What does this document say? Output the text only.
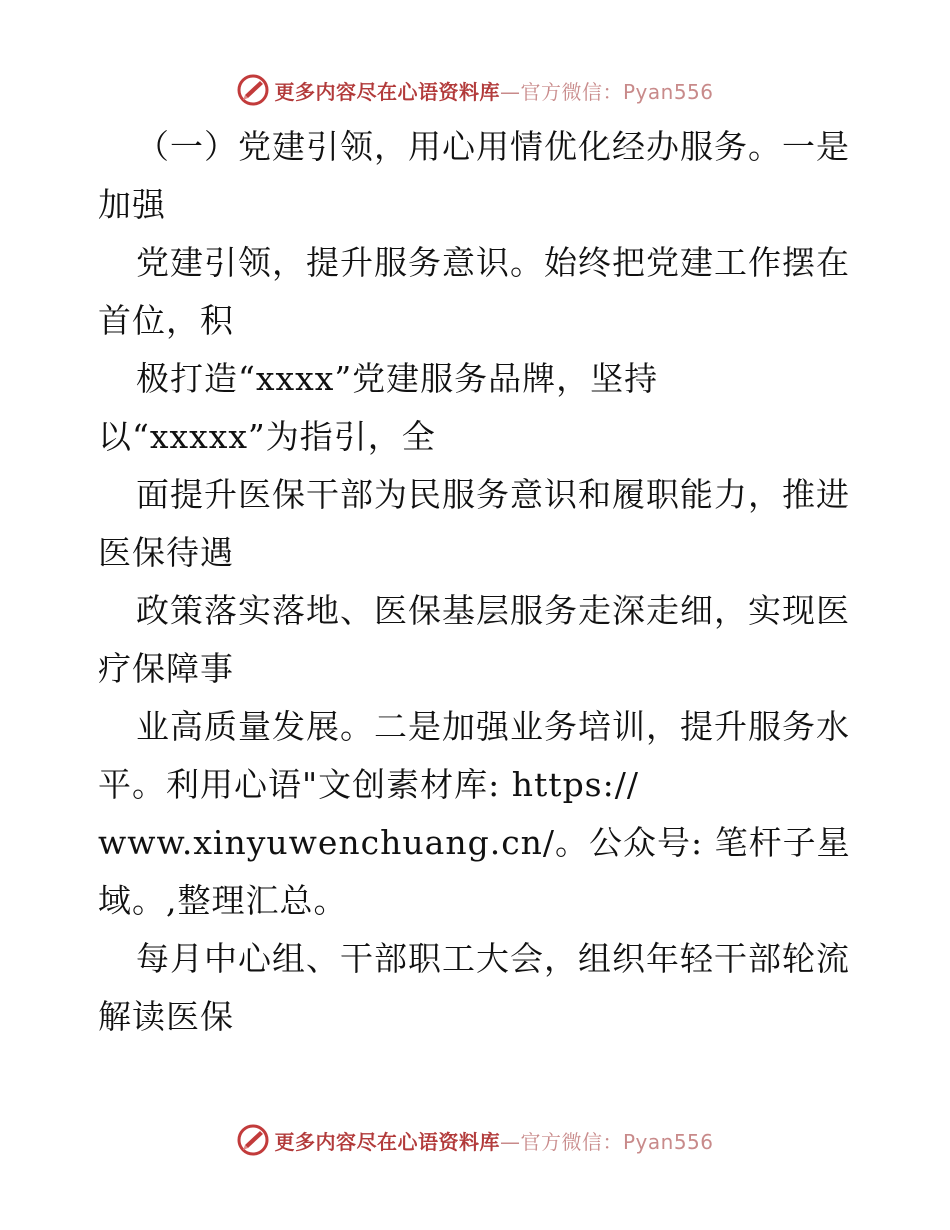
更多内容尽在心语资料库—官方微信：Pyan556
（一）党建引领，用心用情优化经办服务。一是
加强
党建引领，提升服务意识。始终把党建工作摆在
首位，积
极打造“xxxx”党建服务品牌，坚持
以“xxxxx”为指引，全
面提升医保干部为民服务意识和履职能力，推进
医保待遇
政策落实落地、医保基层服务走深走细，实现医
疗保障事
业高质量发展。二是加强业务培训，提升服务水
平。利用心语"文创素材库: https://
www.xinyuwenchuang.cn/。公众号: 笔杆子星
域。,整理汇总。
每月中心组、干部职工大会，组织年轻干部轮流
解读医保
更多内容尽在心语资料库—官方微信：Pyan556
